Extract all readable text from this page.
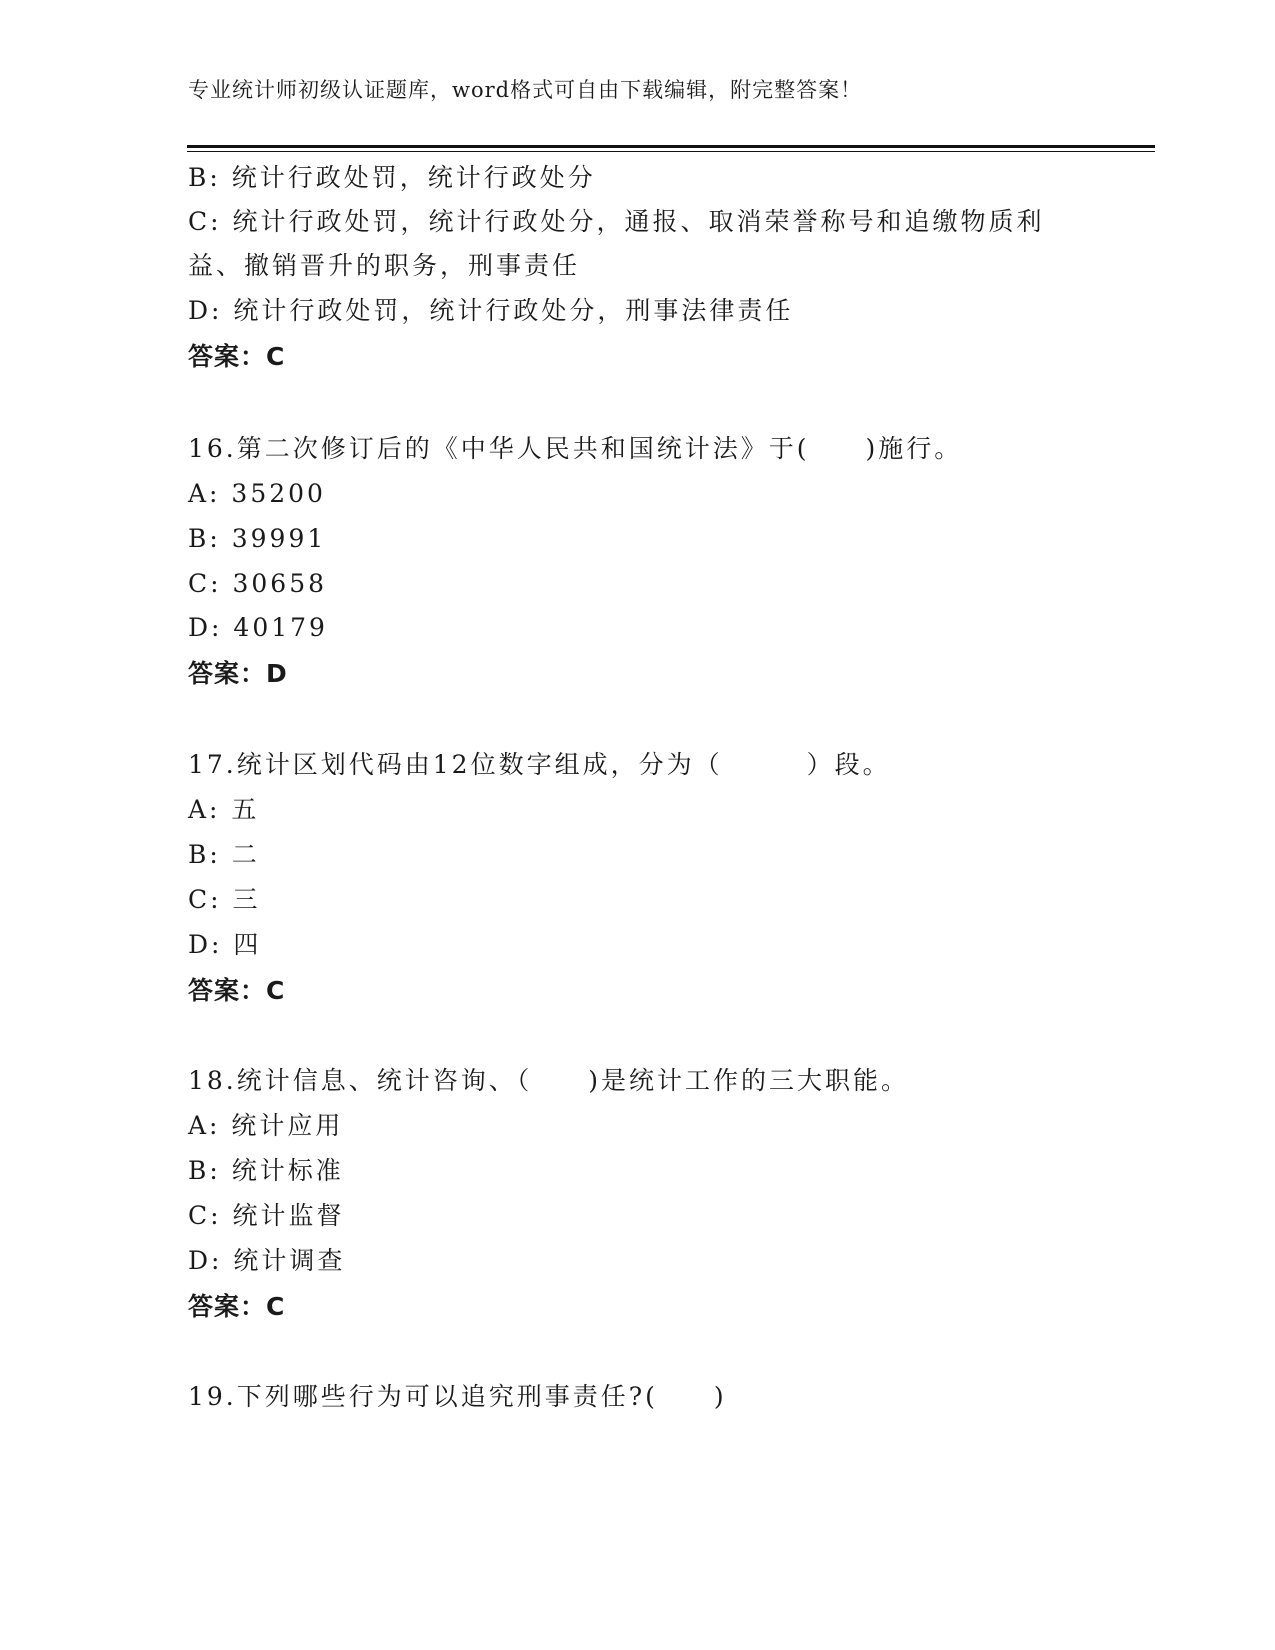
专业统计师初级认证题库，word格式可自由下载编辑，附完整答案！
B: 统计行政处罚，统计行政处分
C: 统计行政处罚，统计行政处分，通报、取消荣誉称号和追缴物质利
益、撤销晋升的职务，刑事责任
D: 统计行政处罚，统计行政处分，刑事法律责任
答案：C
16.第二次修订后的《中华人民共和国统计法》于(　　)施行。
A: 35200
B: 39991
C: 30658
D: 40179
答案：D
17.统计区划代码由12位数字组成，分为（　　　）段。
A: 五
B: 二
C: 三
D: 四
答案：C
18.统计信息、统计咨询、（　　)是统计工作的三大职能。
A: 统计应用
B: 统计标准
C: 统计监督
D: 统计调查
答案：C
19.下列哪些行为可以追究刑事责任?(　　)
